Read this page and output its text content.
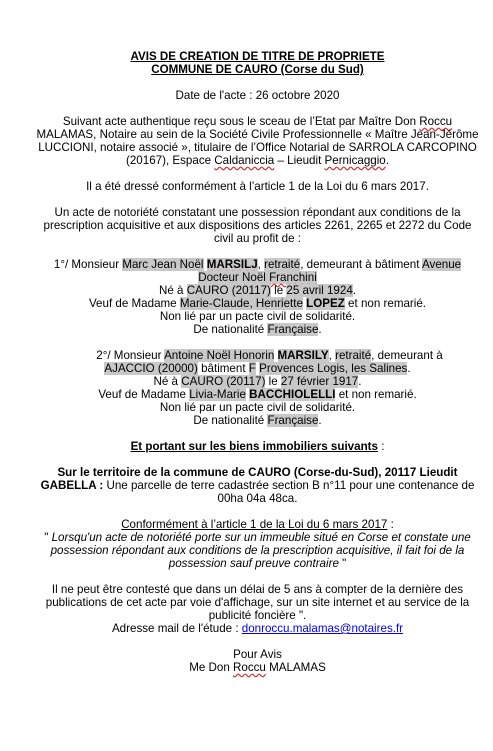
AVIS DE CREATION DE TITRE DE PROPRIETE

COMMUNE DE CAURO (Corse du Sud)

Date de l'acte : 26 octobre 2020

Suivant acte authentique reçu sous le sceau de l’Etat par Maître Don Roccu MALAMAS, Notaire au sein de la Société Civile Professionnelle « Maître Jean-Jérôme LUCCIONI, notaire associé », titulaire de l’Office Notarial de SARROLA CARCOPINO (20167), Espace Caldaniccia – Lieudit Pernicaggio.

Il a été dressé conformément à l’article 1 de la Loi du 6 mars 2017.

Un acte de notoriété constatant une possession répondant aux conditions de la prescription acquisitive et aux dispositions des articles 2261, 2265 et 2272 du Code civil au profit de :

1°/ Monsieur Marc Jean Noël MARSILJ, retraité, demeurant à bâtiment Avenue

Docteur Noël Franchini

Né à CAURO (20117) le 25 avril 1924.

Veuf de Madame Marie-Claude, Henriette LOPEZ et non remarié.

Non lié par un pacte civil de solidarité.

De nationalité Française.

2°/ Monsieur Antoine Noël Honorin MARSILY, retraité, demeurant à

AJACCIO (20000) bâtiment F Provences Logis, les Salines.

Né à CAURO (20117) le 27 février 1917.

Veuf de Madame Livia-Marie BACCHIOLELLI et non remarié.

Non lié par un pacte civil de solidarité.

De nationalité Française.

Et portant sur les biens immobiliers suivants :

Sur le territoire de la commune de CAURO (Corse-du-Sud), 20117 Lieudit GABELLA : Une parcelle de terre cadastrée section B n°11 pour une contenance de 00ha 04a 48ca.

Conformément à l’article 1 de la Loi du 6 mars 2017 :

" Lorsqu'un acte de notoriété porte sur un immeuble situé en Corse et constate une possession répondant aux conditions de la prescription acquisitive, il fait foi de la possession sauf preuve contraire "

Il ne peut être contesté que dans un délai de 5 ans à compter de la dernière des publications de cet acte par voie d'affichage, sur un site internet et au service de la publicité foncière ".

Adresse mail de l'étude : donroccu.malamas@notaires.fr

Pour Avis

Me Don Roccu MALAMAS
